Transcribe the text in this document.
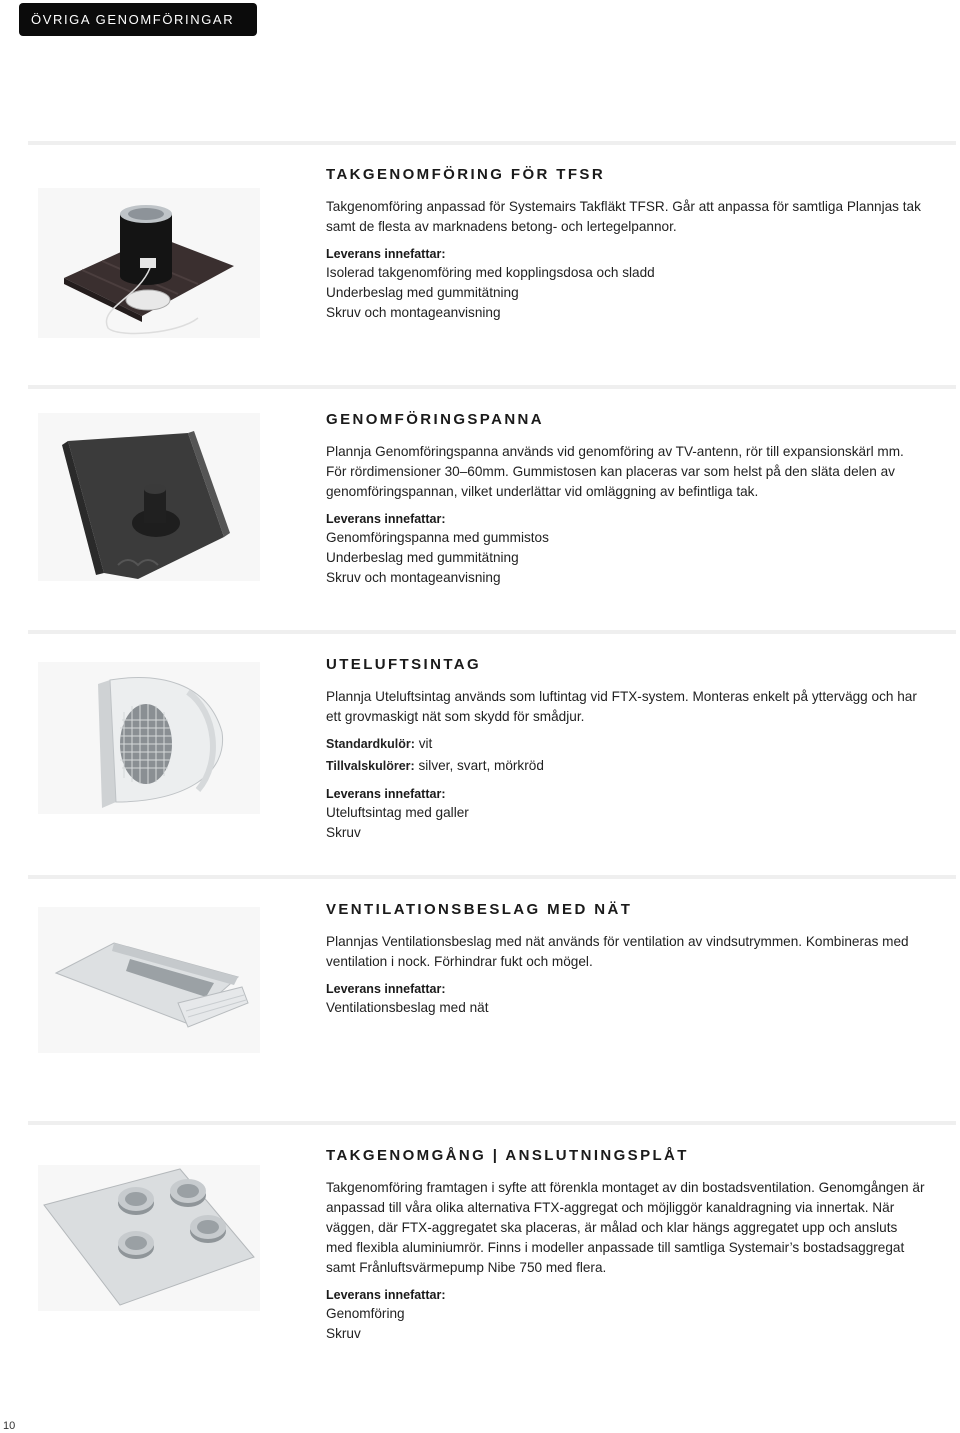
ÖVRIGA GENOMFÖRINGAR
TAKGENOMFÖRING FÖR TFSR

Takgenomföring anpassad för Systemairs Takfläkt TFSR. Går att anpassa för samtliga Plannjas tak samt de flesta av marknadens betong- och lertegelpannor.

Leverans innefattar:
Isolerad takgenomföring med kopplingsdosa och sladd
Underbeslag med gummitätning
Skruv och montageanvisning
GENOMFÖRINGSPANNA

Plannja Genomföringspanna används vid genomföring av TV-antenn, rör till expansionskärl mm. För rördimensioner 30–60mm. Gummistosen kan placeras var som helst på den släta delen av genomföringspannan, vilket underlättar vid omläggning av befintliga tak.

Leverans innefattar:
Genomföringspanna med gummistos
Underbeslag med gummitätning
Skruv och montageanvisning
UTELUFTSINTAG

Plannja Uteluftsintag används som luftintag vid FTX-system. Monteras enkelt på yttervägg och har ett grovmaskigt nät som skydd för smådjur.

Standardkulör: vit
Tillvalskulörer: silver, svart, mörkröd
Leverans innefattar:
Uteluftsintag med galler
Skruv
VENTILATIONSBESLAG MED NÄT

Plannjas Ventilationsbeslag med nät används för ventilation av vindsutrymmen. Kombineras med ventilation i nock. Förhindrar fukt och mögel.

Leverans innefattar:
Ventilationsbeslag med nät
TAKGENOMGÅNG | ANSLUTNINGSPLÅT

Takgenomföring framtagen i syfte att förenkla montaget av din bostadsventilation. Genomgången är anpassad till våra olika alternativa FTX-aggregat och möjliggör kanaldragning via innertak. När väggen, där FTX-aggregatet ska placeras, är målad och klar hängs aggregatet upp och ansluts med flexibla aluminiumrör. Finns i modeller anpassade till samtliga Systemair’s bostadsaggregat samt Frånluftsvärmepump Nibe 750 med flera.

Leverans innefattar:
Genomföring
Skruv
10
